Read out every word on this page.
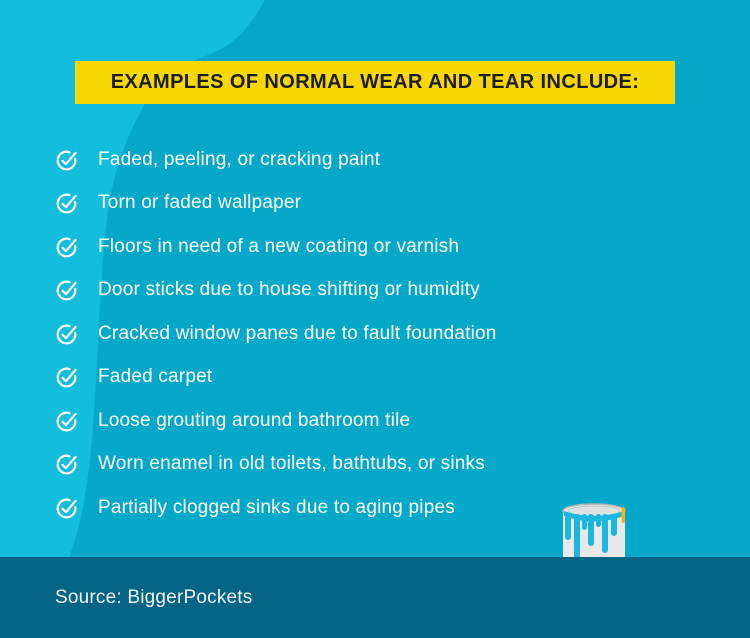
EXAMPLES OF NORMAL WEAR AND TEAR INCLUDE:
Faded, peeling, or cracking paint
Torn or faded wallpaper
Floors in need of a new coating or varnish
Door sticks due to house shifting or humidity
Cracked window panes due to fault foundation
Faded carpet
Loose grouting around bathroom tile
Worn enamel in old toilets, bathtubs, or sinks
Partially clogged sinks due to aging pipes
Source: BiggerPockets
